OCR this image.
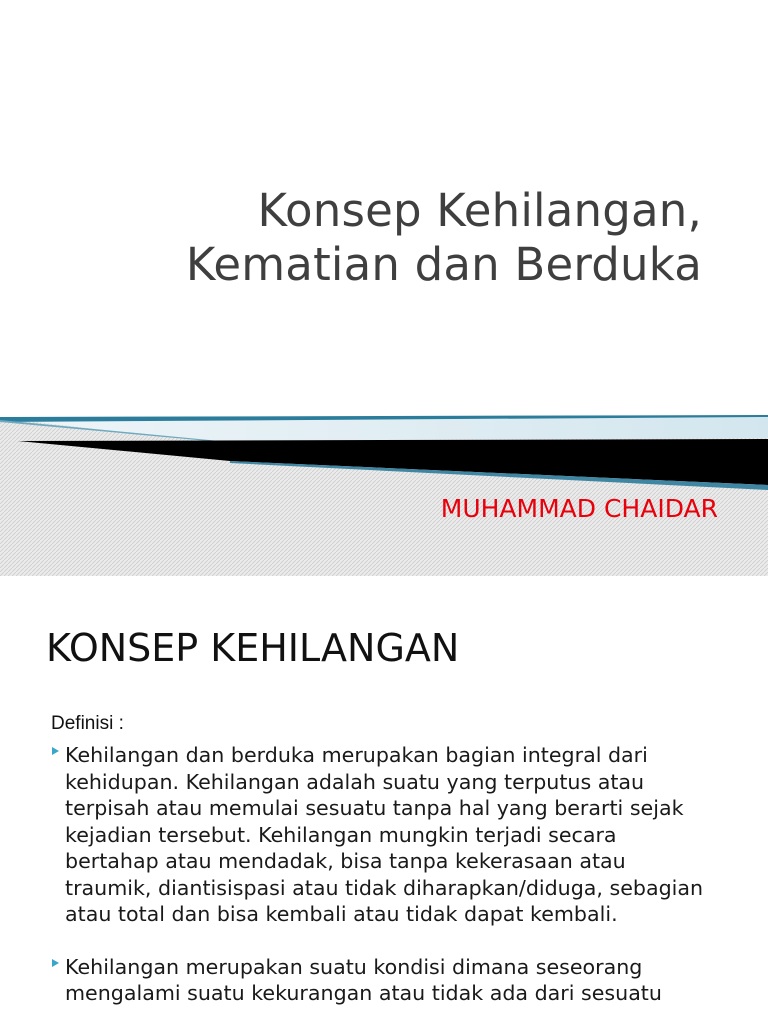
Konsep Kehilangan,
Kematian dan Berduka
MUHAMMAD CHAIDAR
KONSEP KEHILANGAN
Definisi :
Kehilangan dan berduka merupakan bagian integral dari kehidupan. Kehilangan adalah suatu yang terputus atau terpisah atau memulai sesuatu tanpa hal yang berarti sejak kejadian tersebut. Kehilangan mungkin terjadi secara bertahap atau mendadak, bisa tanpa kekerasaan atau traumik, diantisispasi atau tidak diharapkan/diduga, sebagian atau total dan bisa kembali atau tidak dapat kembali.
Kehilangan merupakan suatu kondisi dimana seseorang mengalami suatu kekurangan atau tidak ada dari sesuatu
